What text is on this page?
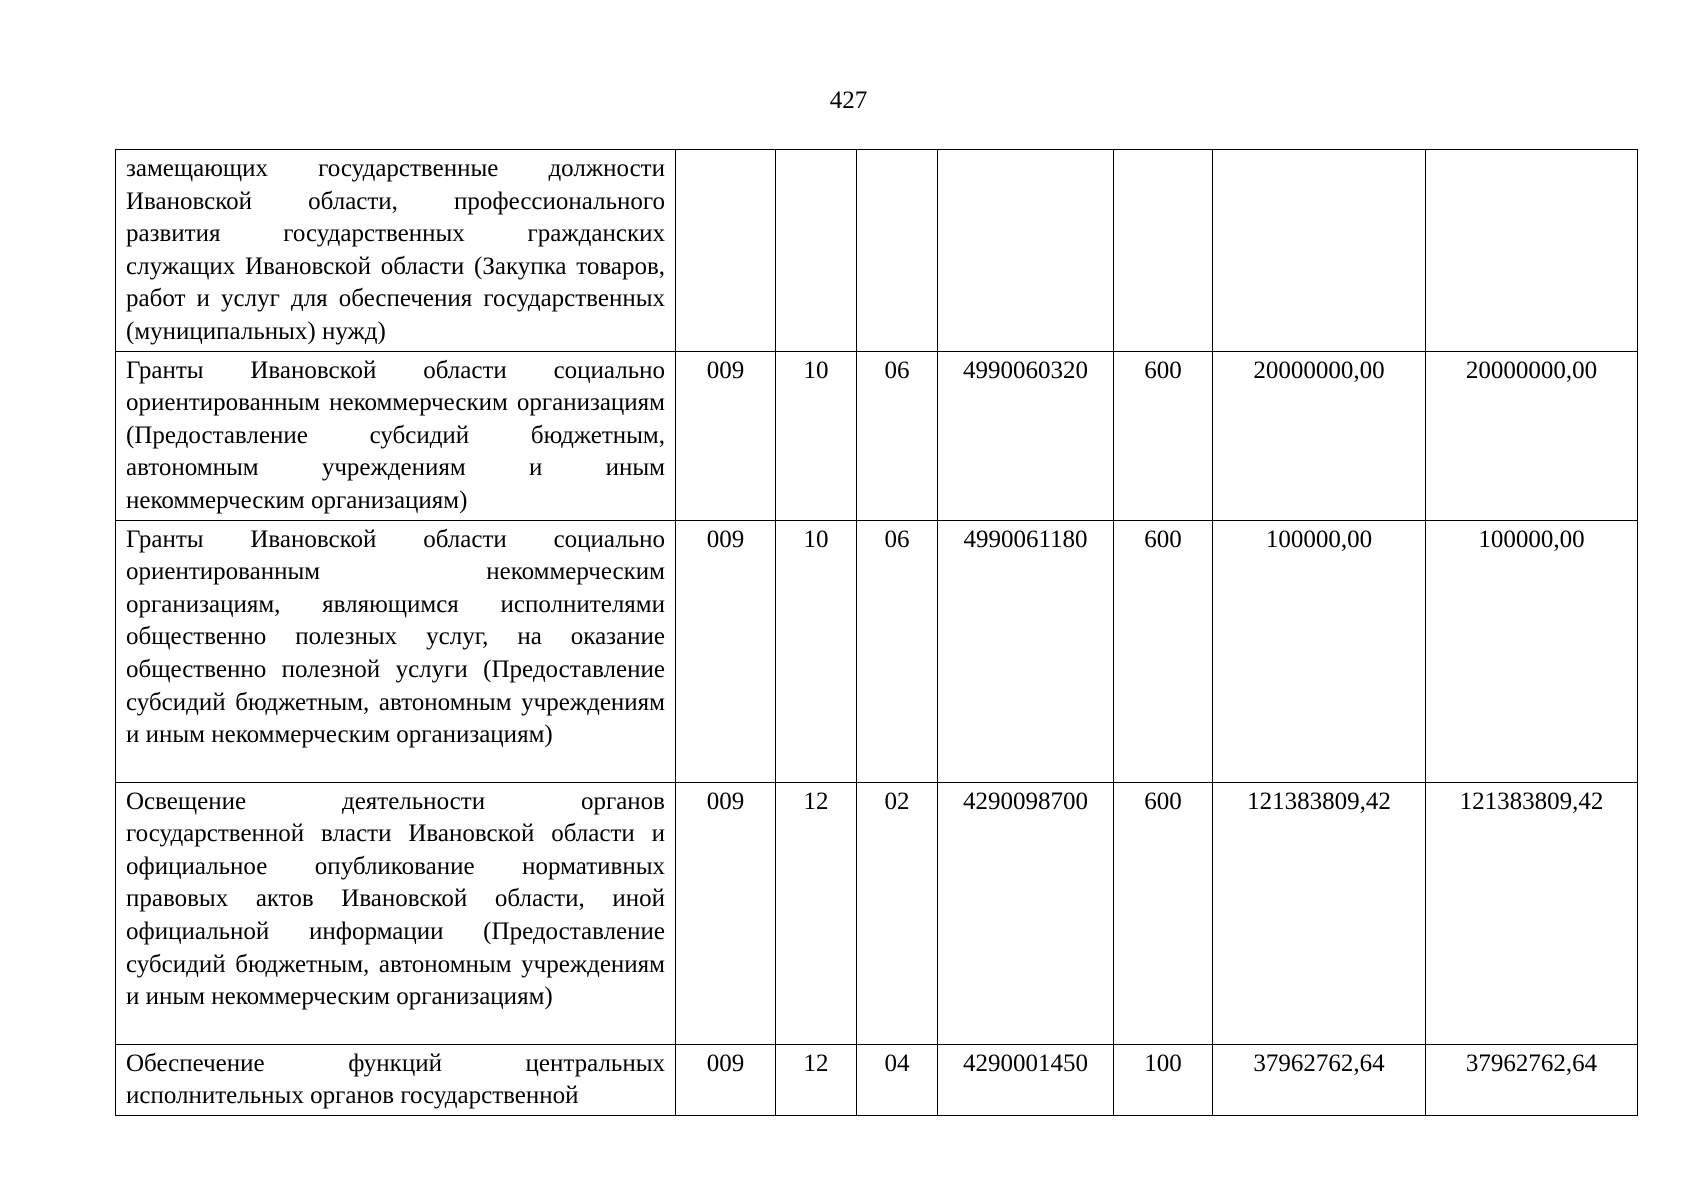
427
замещающих государственные должности Ивановской области, профессионального развития государственных гражданских служащих Ивановской области (Закупка товаров, работ и услуг для обеспечения государственных (муниципальных) нужд)							
Гранты Ивановской области социально ориентированным некоммерческим организациям (Предоставление субсидий бюджетным, автономным учреждениям и иным некоммерческим организациям)	009	10	06	4990060320	600	20000000,00	20000000,00
Гранты Ивановской области социально ориентированным некоммерческим организациям, являющимся исполнителями общественно полезных услуг, на оказание общественно полезной услуги (Предоставление субсидий бюджетным, автономным учреждениям и иным некоммерческим организациям)	009	10	06	4990061180	600	100000,00	100000,00
Освещение деятельности органов государственной власти Ивановской области и официальное опубликование нормативных правовых актов Ивановской области, иной официальной информации (Предоставление субсидий бюджетным, автономным учреждениям и иным некоммерческим организациям)	009	12	02	4290098700	600	121383809,42	121383809,42
Обеспечение функций центральных исполнительных органов государственной	009	12	04	4290001450	100	37962762,64	37962762,64
